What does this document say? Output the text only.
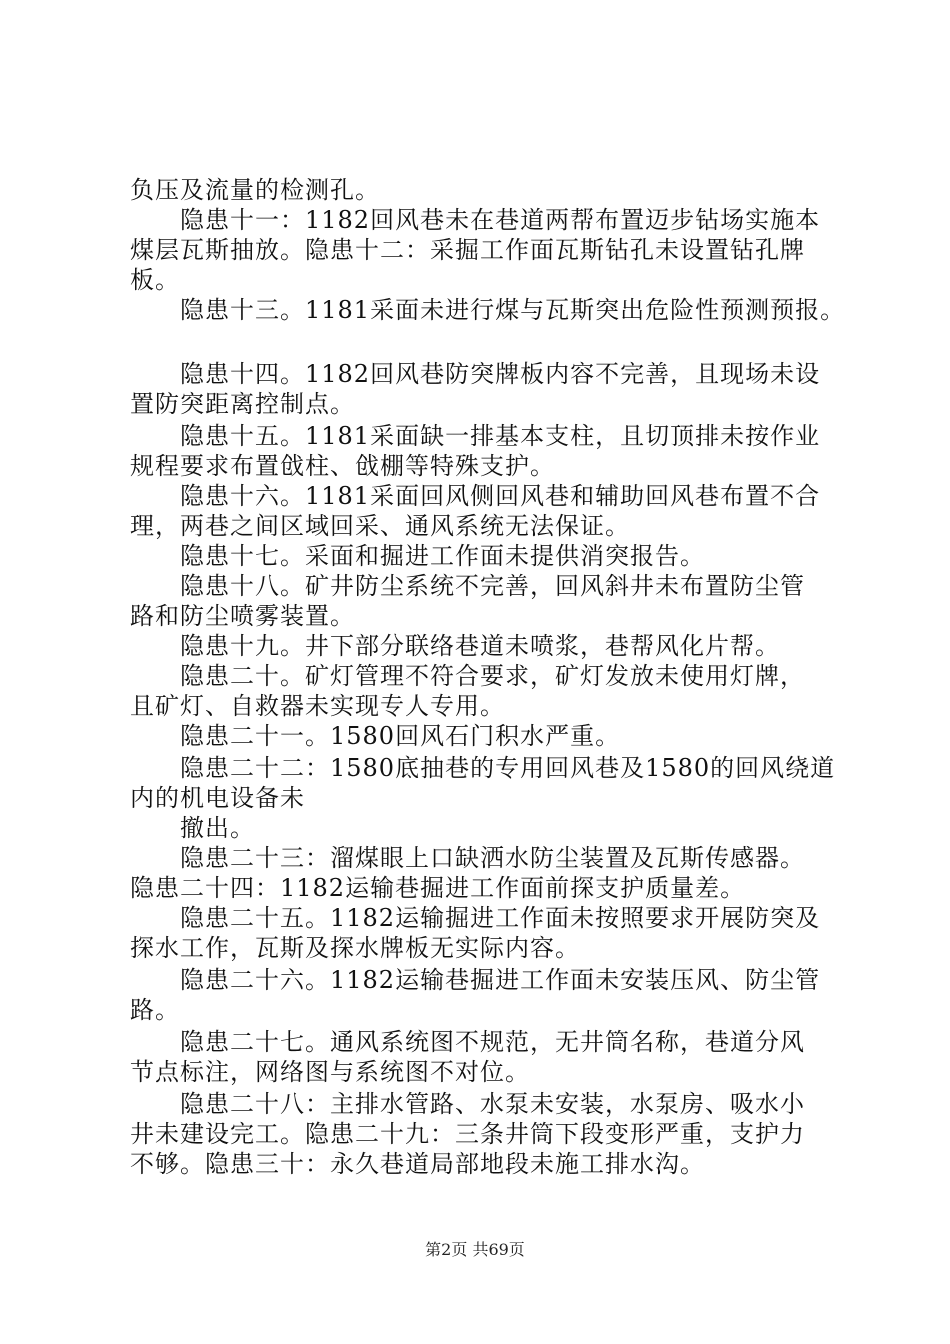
负压及流量的检测孔。
隐患十一：1182回风巷未在巷道两帮布置迈步钻场实施本
煤层瓦斯抽放。隐患十二：采掘工作面瓦斯钻孔未设置钻孔牌
板。
隐患十三。1181采面未进行煤与瓦斯突出危险性预测预报。
隐患十四。1182回风巷防突牌板内容不完善，且现场未设
置防突距离控制点。
隐患十五。1181采面缺一排基本支柱，且切顶排未按作业
规程要求布置戗柱、戗棚等特殊支护。
隐患十六。1181采面回风侧回风巷和辅助回风巷布置不合
理，两巷之间区域回采、通风系统无法保证。
隐患十七。采面和掘进工作面未提供消突报告。
隐患十八。矿井防尘系统不完善，回风斜井未布置防尘管
路和防尘喷雾装置。
隐患十九。井下部分联络巷道未喷浆，巷帮风化片帮。
隐患二十。矿灯管理不符合要求，矿灯发放未使用灯牌，
且矿灯、自救器未实现专人专用。
隐患二十一。1580回风石门积水严重。
隐患二十二：1580底抽巷的专用回风巷及1580的回风绕道
内的机电设备未
撤出。
隐患二十三：溜煤眼上口缺洒水防尘装置及瓦斯传感器。
隐患二十四：1182运输巷掘进工作面前探支护质量差。
隐患二十五。1182运输掘进工作面未按照要求开展防突及
探水工作，瓦斯及探水牌板无实际内容。
隐患二十六。1182运输巷掘进工作面未安装压风、防尘管
路。
隐患二十七。通风系统图不规范，无井筒名称，巷道分风
节点标注，网络图与系统图不对位。
隐患二十八：主排水管路、水泵未安装，水泵房、吸水小
井未建设完工。隐患二十九：三条井筒下段变形严重，支护力
不够。隐患三十：永久巷道局部地段未施工排水沟。
第2页 共69页
